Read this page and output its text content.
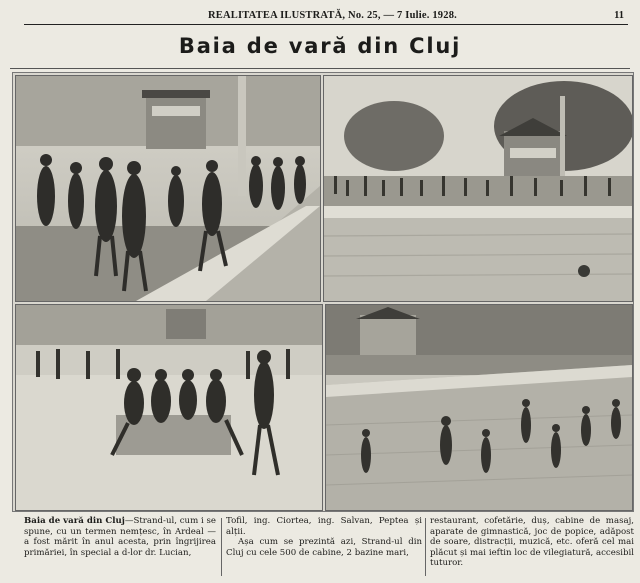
REALITATEA ILUSTRATĂ, No. 25, — 7 Iulie. 1928.	11
Baia de vară din Cluj
Baia de vară din Cluj—Strand-ul, cum i se spune, cu un termen nemțesc, în Ardeal — a fost mărit în anul acesta, prin îngrijirea primăriei, în special a d-lor dr. Lucian,
Tofil, ing. Ciortea, ing. Salvan, Peptea și alții.
Așa cum se prezintă azi, Strand-ul din Cluj cu cele 500 de cabine, 2 bazine mari,
restaurant, cofetărie, duș, cabine de masaj, aparate de gimnastică, joc de popice, adăpost de soare, distracții, muzică, etc. oferă cel mai plăcut și mai ieftin loc de vilegiatură, accesibil tuturor.
